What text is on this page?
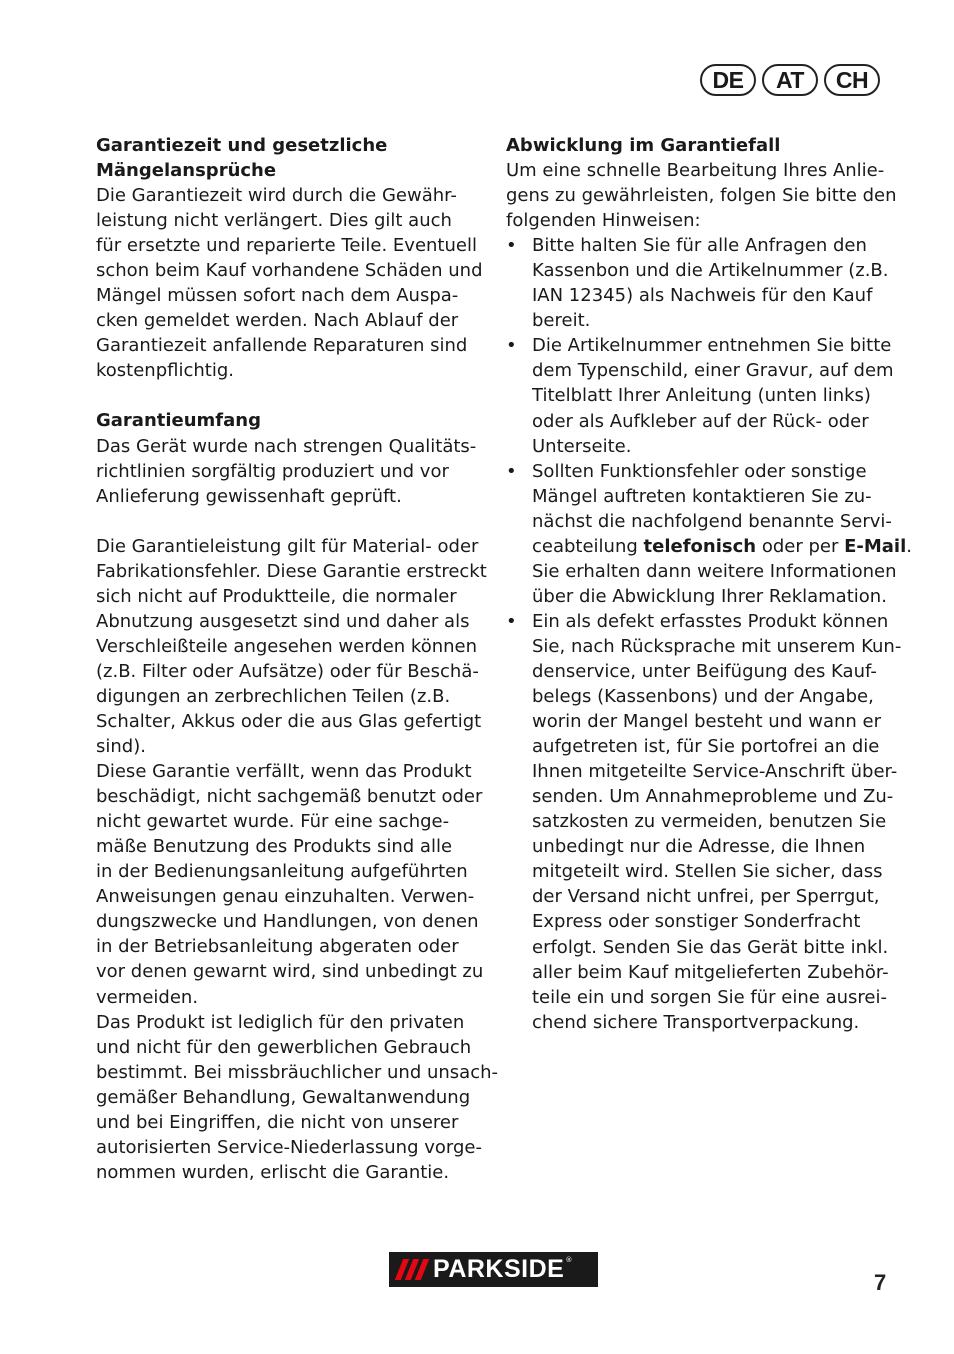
DE	AT	CH
Garantiezeit und gesetzliche
Mängelansprüche
Die Garantiezeit wird durch die Gewähr-
leistung nicht verlängert. Dies gilt auch
für ersetzte und reparierte Teile. Eventuell
schon beim Kauf vorhandene Schäden und
Mängel müssen sofort nach dem Auspa-
cken gemeldet werden. Nach Ablauf der
Garantiezeit anfallende Reparaturen sind
kostenpflichtig.
Garantieumfang
Das Gerät wurde nach strengen Qualitäts-
richtlinien sorgfältig produziert und vor
Anlieferung gewissenhaft geprüft.
Die Garantieleistung gilt für Material- oder
Fabrikationsfehler. Diese Garantie erstreckt
sich nicht auf Produktteile, die normaler
Abnutzung ausgesetzt sind und daher als
Verschleißteile angesehen werden können
(z.B. Filter oder Aufsätze) oder für Beschä-
digungen an zerbrechlichen Teilen (z.B.
Schalter, Akkus oder die aus Glas gefertigt
sind).
Diese Garantie verfällt, wenn das Produkt
beschädigt, nicht sachgemäß benutzt oder
nicht gewartet wurde. Für eine sachge-
mäße Benutzung des Produkts sind alle
in der Bedienungsanleitung aufgeführten
Anweisungen genau einzuhalten. Verwen-
dungszwecke und Handlungen, von denen
in der Betriebsanleitung abgeraten oder
vor denen gewarnt wird, sind unbedingt zu
vermeiden.
Das Produkt ist lediglich für den privaten
und nicht für den gewerblichen Gebrauch
bestimmt. Bei missbräuchlicher und unsach-
gemäßer Behandlung, Gewaltanwendung
und bei Eingriffen, die nicht von unserer
autorisierten Service-Niederlassung vorge-
nommen wurden, erlischt die Garantie.
Abwicklung im Garantiefall
Um eine schnelle Bearbeitung Ihres Anlie-
gens zu gewährleisten, folgen Sie bitte den
folgenden Hinweisen:
• Bitte halten Sie für alle Anfragen den
Kassenbon und die Artikelnummer (z.B.
IAN 12345) als Nachweis für den Kauf
bereit.
• Die Artikelnummer entnehmen Sie bitte
dem Typenschild, einer Gravur, auf dem
Titelblatt Ihrer Anleitung (unten links)
oder als Aufkleber auf der Rück- oder
Unterseite.
• Sollten Funktionsfehler oder sonstige
Mängel auftreten kontaktieren Sie zu-
nächst die nachfolgend benannte Servi-
ceabteilung telefonisch oder per E-Mail.
Sie erhalten dann weitere Informationen
über die Abwicklung Ihrer Reklamation.
• Ein als defekt erfasstes Produkt können
Sie, nach Rücksprache mit unserem Kun-
denservice, unter Beifügung des Kauf-
belegs (Kassenbons) und der Angabe,
worin der Mangel besteht und wann er
aufgetreten ist, für Sie portofrei an die
Ihnen mitgeteilte Service-Anschrift über-
senden. Um Annahmeprobleme und Zu-
satzkosten zu vermeiden, benutzen Sie
unbedingt nur die Adresse, die Ihnen
mitgeteilt wird. Stellen Sie sicher, dass
der Versand nicht unfrei, per Sperrgut,
Express oder sonstiger Sonderfracht
erfolgt. Senden Sie das Gerät bitte inkl.
aller beim Kauf mitgelieferten Zubehör-
teile ein und sorgen Sie für eine ausrei-
chend sichere Transportverpackung.
PARKSIDE ®
7
